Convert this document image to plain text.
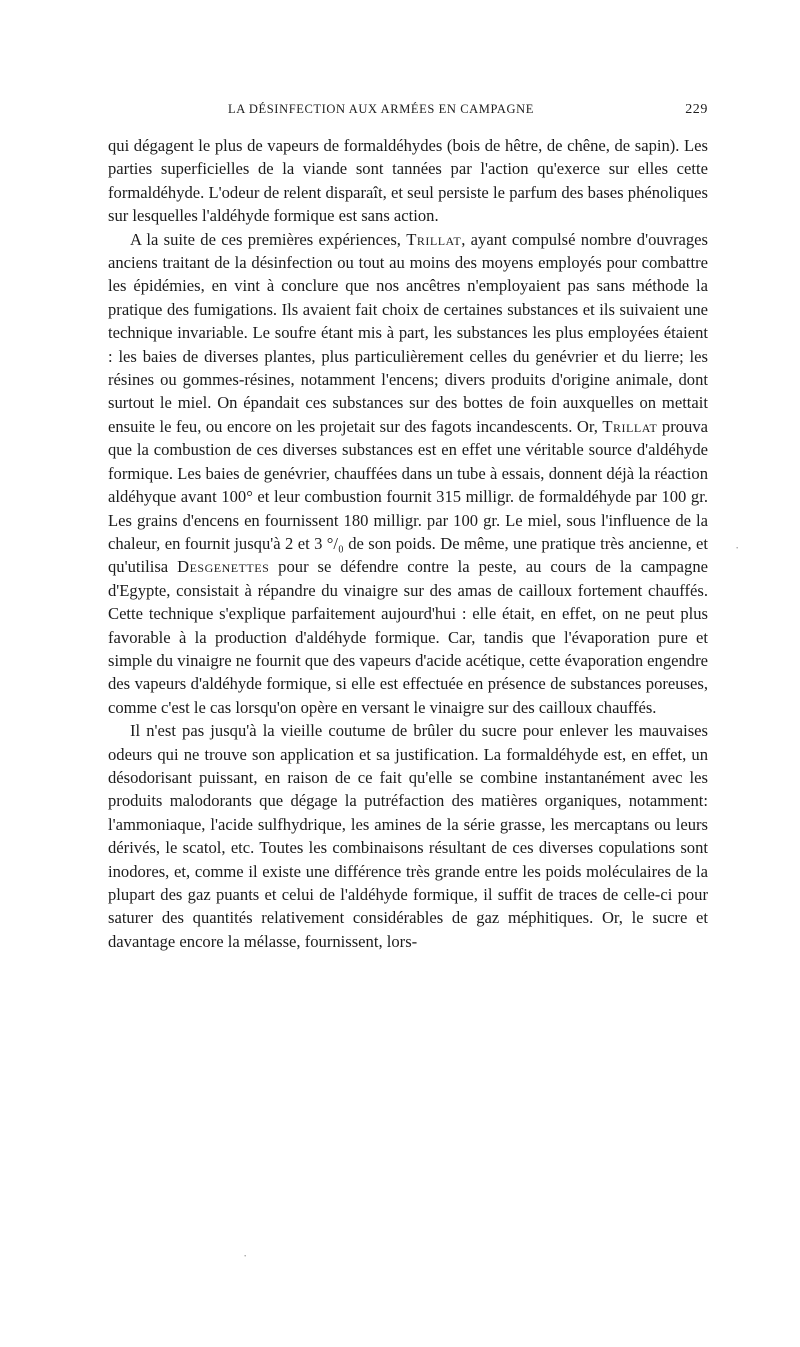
LA DÉSINFECTION AUX ARMÉES EN CAMPAGNE	229

qui dégagent le plus de vapeurs de formaldéhydes (bois de hêtre, de chêne, de sapin). Les parties superficielles de la viande sont tannées par l'action qu'exerce sur elles cette formaldéhyde. L'odeur de relent disparaît, et seul persiste le parfum des bases phénoliques sur lesquelles l'aldéhyde formique est sans action.

A la suite de ces premières expériences, Trillat, ayant compulsé nombre d'ouvrages anciens traitant de la désinfection ou tout au moins des moyens employés pour combattre les épidémies, en vint à conclure que nos ancêtres n'employaient pas sans méthode la pratique des fumigations. Ils avaient fait choix de certaines substances et ils suivaient une technique invariable. Le soufre étant mis à part, les substances les plus employées étaient : les baies de diverses plantes, plus particulièrement celles du genévrier et du lierre; les résines ou gommes-résines, notamment l'encens; divers produits d'origine animale, dont surtout le miel. On épandait ces substances sur des bottes de foin auxquelles on mettait ensuite le feu, ou encore on les projetait sur des fagots incandescents. Or, Trillat prouva que la combustion de ces diverses substances est en effet une véritable source d'aldéhyde formique. Les baies de genévrier, chauffées dans un tube à essais, donnent déjà la réaction aldéhyque avant 100° et leur combustion fournit 315 milligr. de formaldéhyde par 100 gr. Les grains d'encens en fournissent 180 milligr. par 100 gr. Le miel, sous l'influence de la chaleur, en fournit jusqu'à 2 et 3 °/₀ de son poids. De même, une pratique très ancienne, et qu'utilisa Desgenettes pour se défendre contre la peste, au cours de la campagne d'Egypte, consistait à répandre du vinaigre sur des amas de cailloux fortement chauffés. Cette technique s'explique parfaitement aujourd'hui : elle était, en effet, on ne peut plus favorable à la production d'aldéhyde formique. Car, tandis que l'évaporation pure et simple du vinaigre ne fournit que des vapeurs d'acide acétique, cette évaporation engendre des vapeurs d'aldéhyde formique, si elle est effectuée en présence de substances poreuses, comme c'est le cas lorsqu'on opère en versant le vinaigre sur des cailloux chauffés.

Il n'est pas jusqu'à la vieille coutume de brûler du sucre pour enlever les mauvaises odeurs qui ne trouve son application et sa justification. La formaldéhyde est, en effet, un désodorisant puissant, en raison de ce fait qu'elle se combine instantanément avec les produits malodorants que dégage la putréfaction des matières organiques, notamment: l'ammoniaque, l'acide sulfhydrique, les amines de la série grasse, les mercaptans ou leurs dérivés, le scatol, etc. Toutes les combinaisons résultant de ces diverses copulations sont inodores, et, comme il existe une différence très grande entre les poids moléculaires de la plupart des gaz puants et celui de l'aldéhyde formique, il suffit de traces de celle-ci pour saturer des quantités relativement considérables de gaz méphitiques. Or, le sucre et davantage encore la mélasse, fournissent, lors-

·
·
